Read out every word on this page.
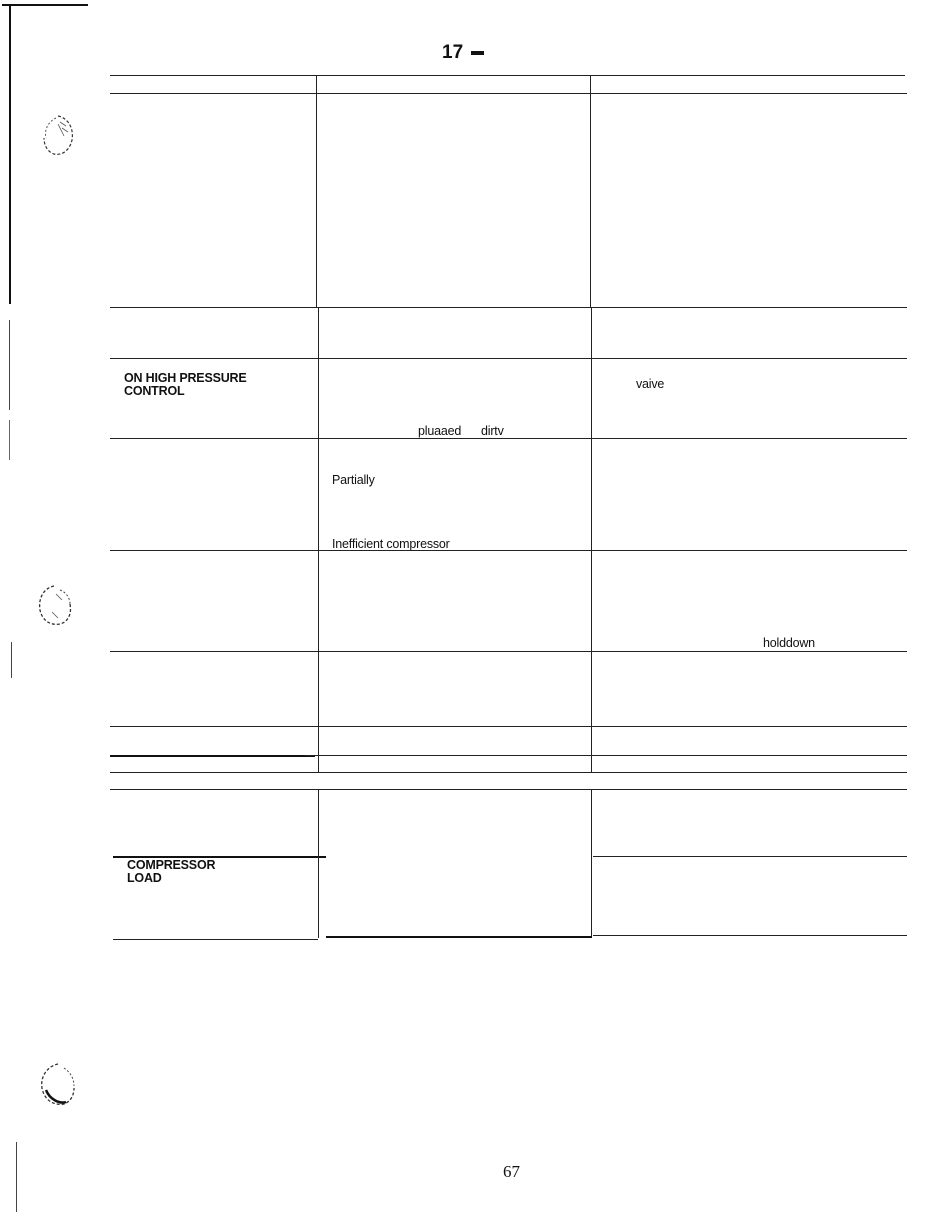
17
ON HIGH PRESSURE
CONTROL
pluaaed dirtv
vaive
Partially
Inefficient compressor
holddown
COMPRESSOR
LOAD
67
